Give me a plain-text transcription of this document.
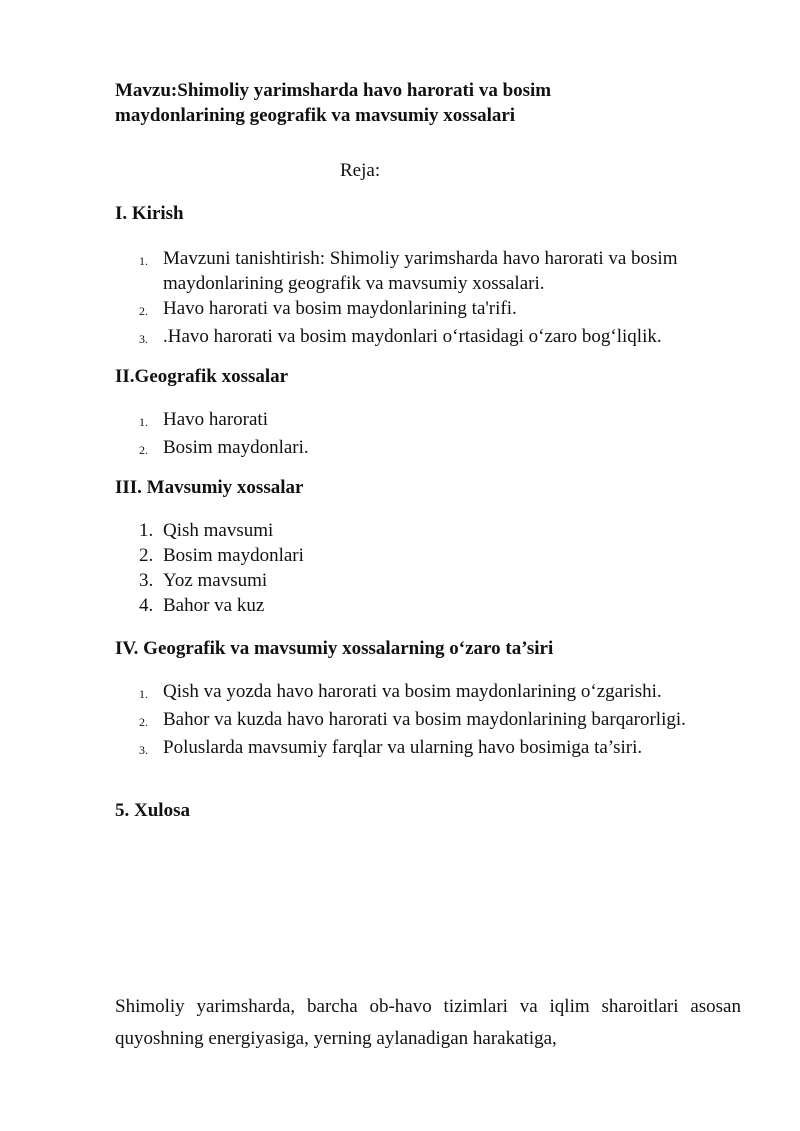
Mavzu:Shimoliy yarimsharda havo harorati va bosim maydonlarining geografik va mavsumiy xossalari

Reja:

I. Kirish
1. Mavzuni tanishtirish: Shimoliy yarimsharda havo harorati va bosim maydonlarining geografik va mavsumiy xossalari.
2. Havo harorati va bosim maydonlarining ta'rifi.
3. .Havo harorati va bosim maydonlari o‘rtasidagi o‘zaro bog‘liqlik.
II.Geografik xossalar
1. Havo harorati
2. Bosim maydonlari.
III. Mavsumiy xossalar
1. Qish mavsumi
2. Bosim maydonlari
3. Yoz mavsumi
4. Bahor va kuz
IV. Geografik va mavsumiy xossalarning o‘zaro ta’siri
1. Qish va yozda havo harorati va bosim maydonlarining o‘zgarishi.
2. Bahor va kuzda havo harorati va bosim maydonlarining barqarorligi.
3. Poluslarda mavsumiy farqlar va ularning havo bosimiga ta’siri.
5. Xulosa

Shimoliy yarimsharda, barcha ob-havo tizimlari va iqlim sharoitlari asosan quyoshning energiyasiga, yerning aylanadigan harakatiga,
